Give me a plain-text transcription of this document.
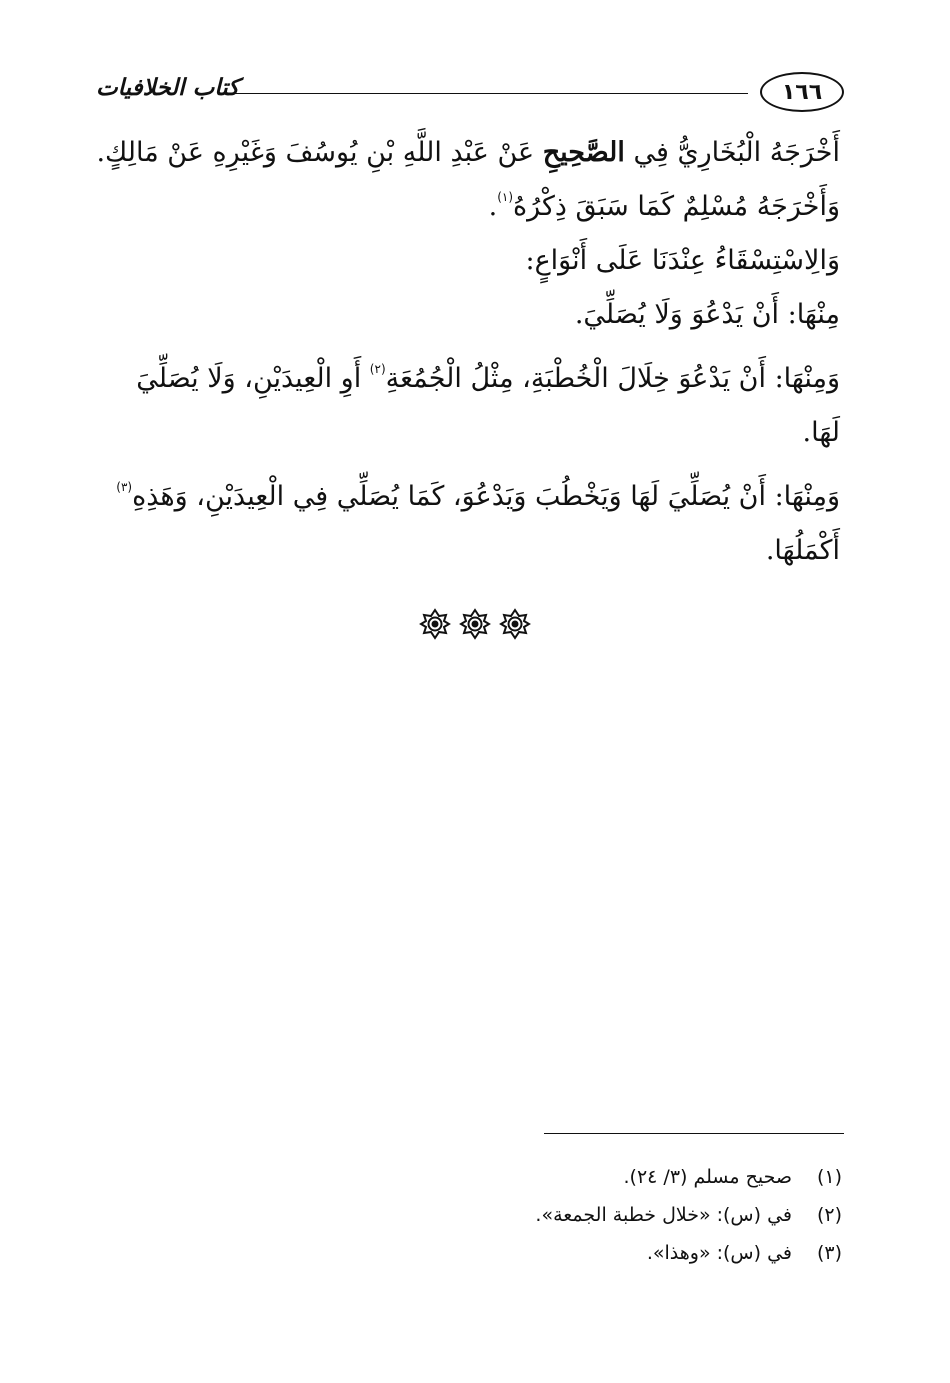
١٦٦
كتاب الخلافيات

أَخْرَجَهُ الْبُخَارِيُّ فِي الصَّحِيحِ عَنْ عَبْدِ اللَّهِ بْنِ يُوسُفَ وَغَيْرِهِ عَنْ مَالِكٍ.

وَأَخْرَجَهُ مُسْلِمٌ كَمَا سَبَقَ ذِكْرُهُ$^{(١)}$.

وَالِاسْتِسْقَاءُ عِنْدَنَا عَلَى أَنْوَاعٍ:

مِنْهَا: أَنْ يَدْعُوَ وَلَا يُصَلِّيَ.

وَمِنْهَا: أَنْ يَدْعُوَ خِلَالَ الْخُطْبَةِ، مِثْلُ الْجُمُعَةِ$^{(٢)}$ أَوِ الْعِيدَيْنِ، وَلَا يُصَلِّيَ لَهَا.

وَمِنْهَا: أَنْ يُصَلِّيَ لَهَا وَيَخْطُبَ وَيَدْعُوَ، كَمَا يُصَلِّي فِي الْعِيدَيْنِ، وَهَذِهِ$^{(٣)}$ أَكْمَلُهَا.

(١)صحيح مسلم (٣/ ٢٤).
(٢)في (س): «خلال خطبة الجمعة».
(٣)في (س): «وهذا».
